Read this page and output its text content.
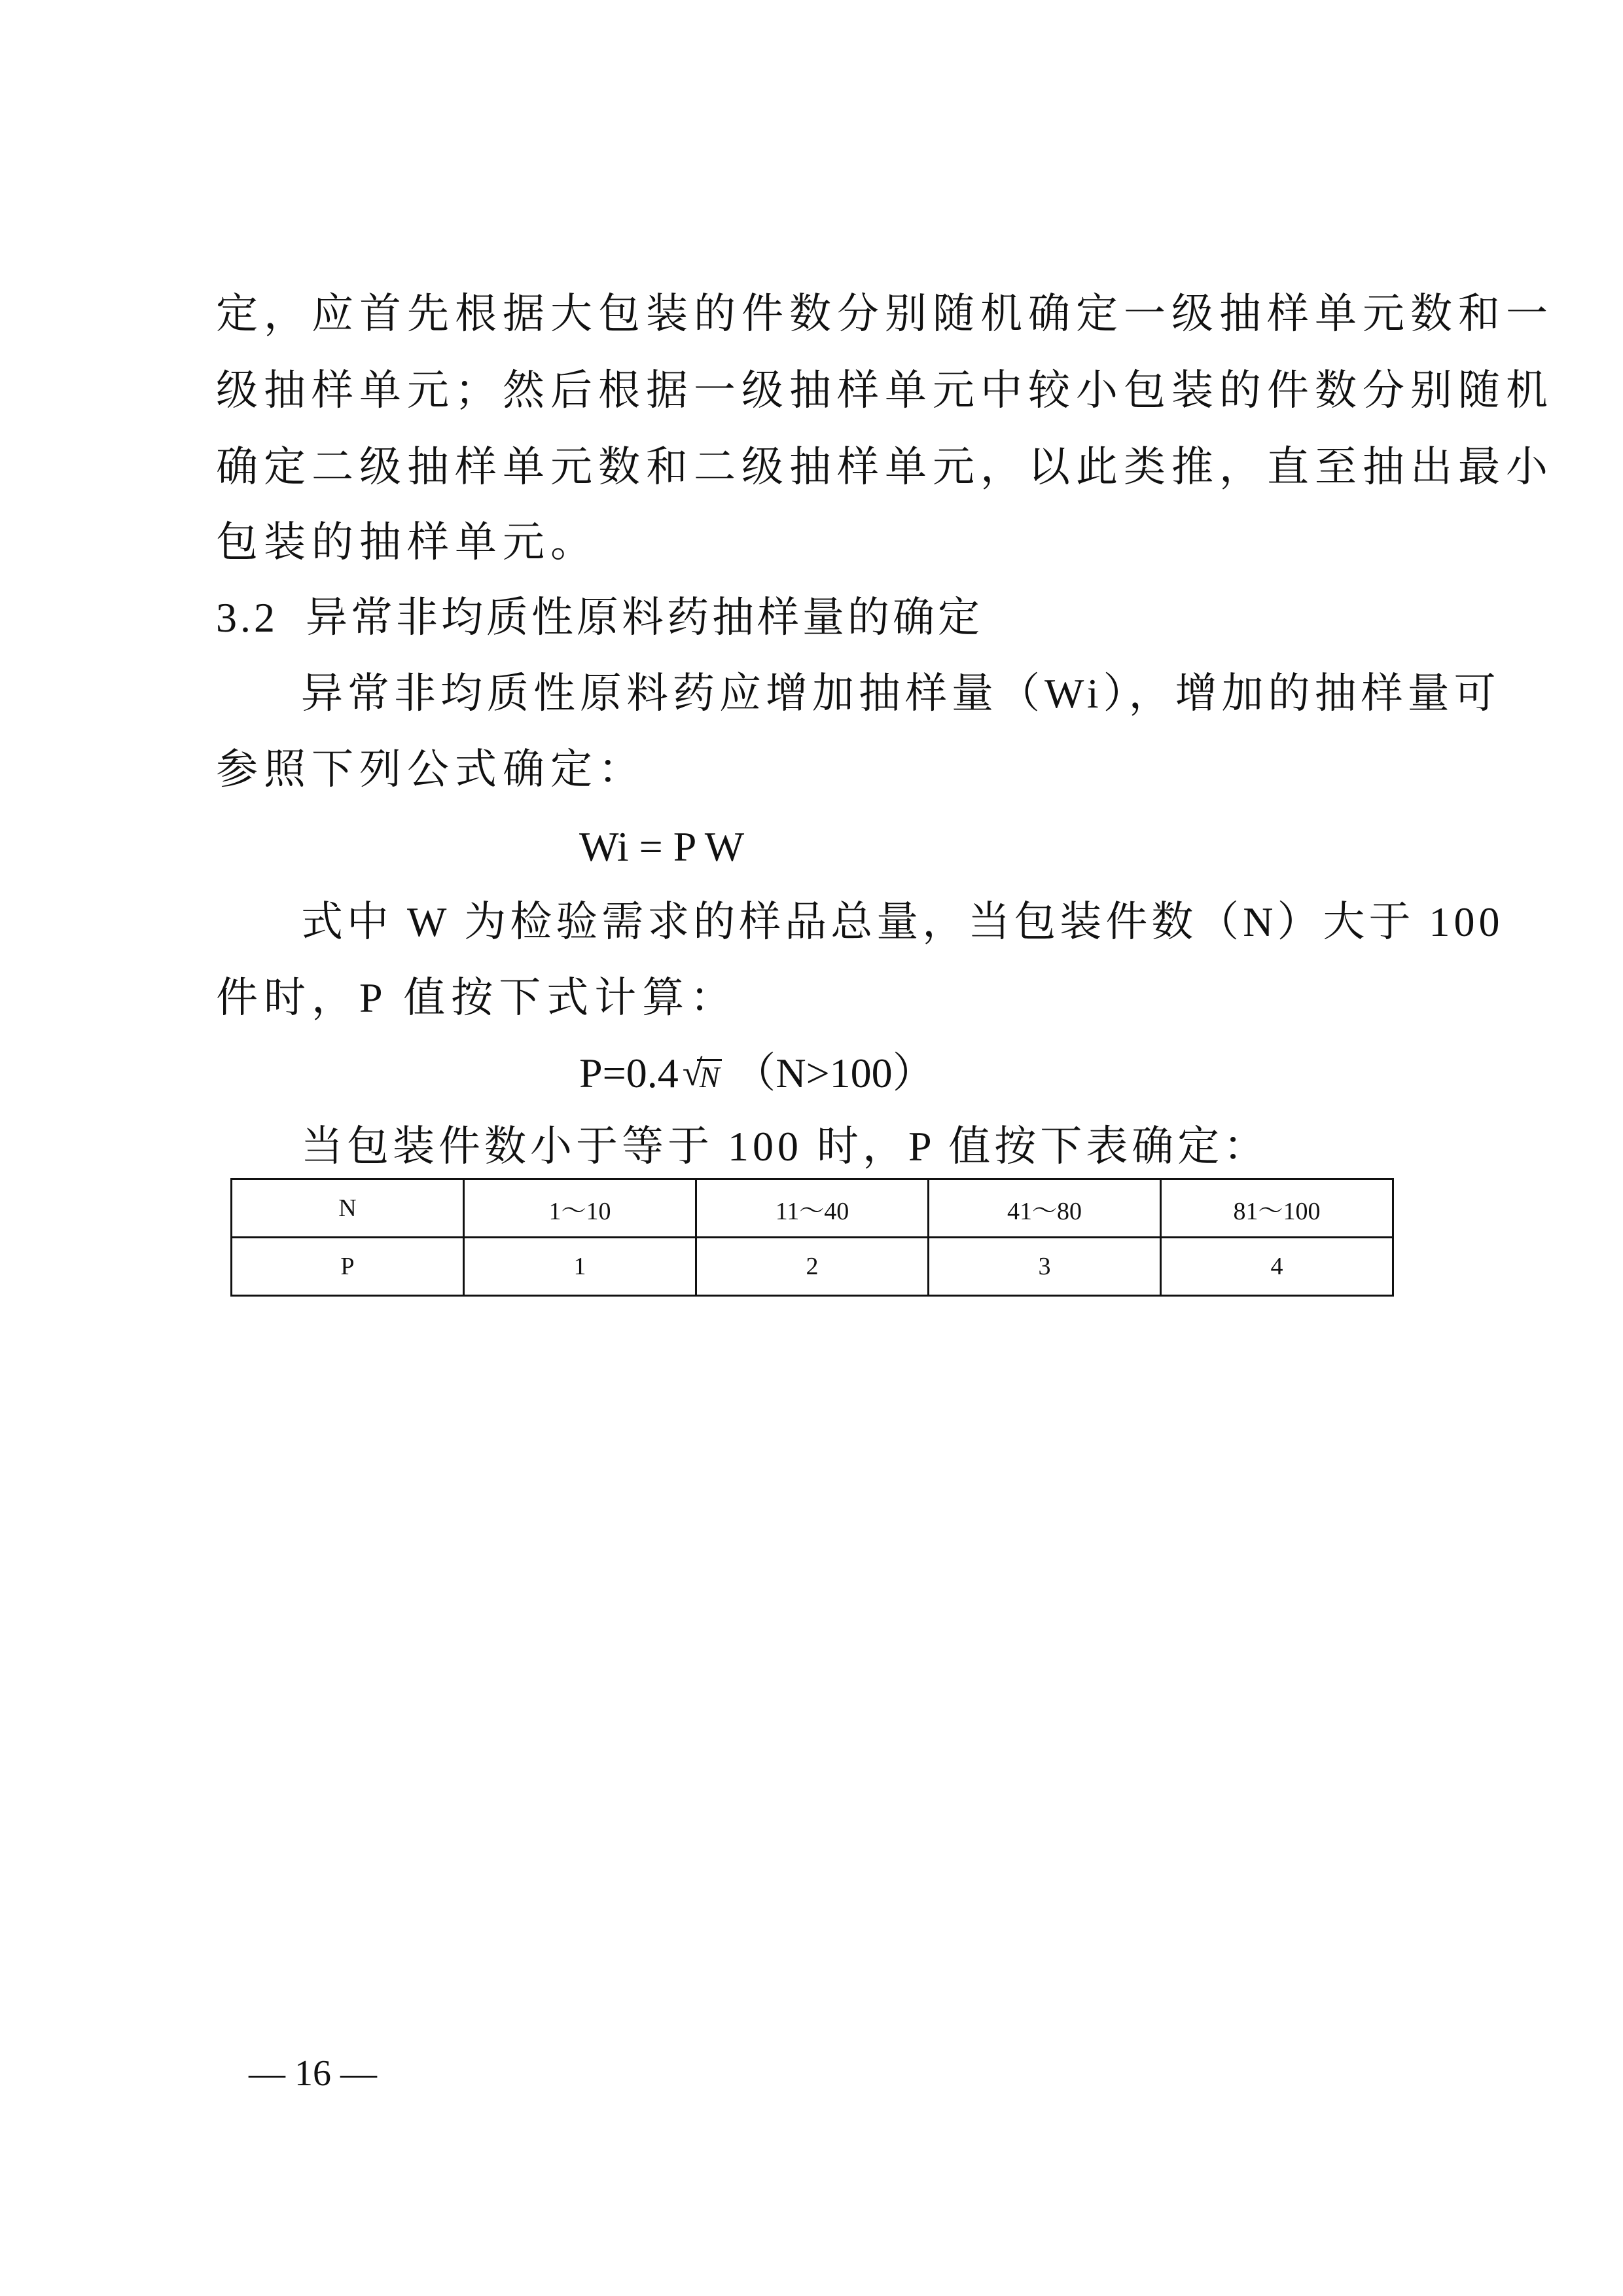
定，应首先根据大包装的件数分别随机确定一级抽样单元数和一
级抽样单元；然后根据一级抽样单元中较小包装的件数分别随机
确定二级抽样单元数和二级抽样单元，以此类推，直至抽出最小
包装的抽样单元。
3.2  异常非均质性原料药抽样量的确定
异常非均质性原料药应增加抽样量（Wi），增加的抽样量可
参照下列公式确定：
Wi = P W
式中 W 为检验需求的样品总量，当包装件数（N）大于 100
件时，P 值按下式计算：
P=0.4 √
N （N>100）
当包装件数小于等于 100 时，P 值按下表确定：
N	1～10	11～40	41～80	81～100
P	1	2	3	4
— 16 —
